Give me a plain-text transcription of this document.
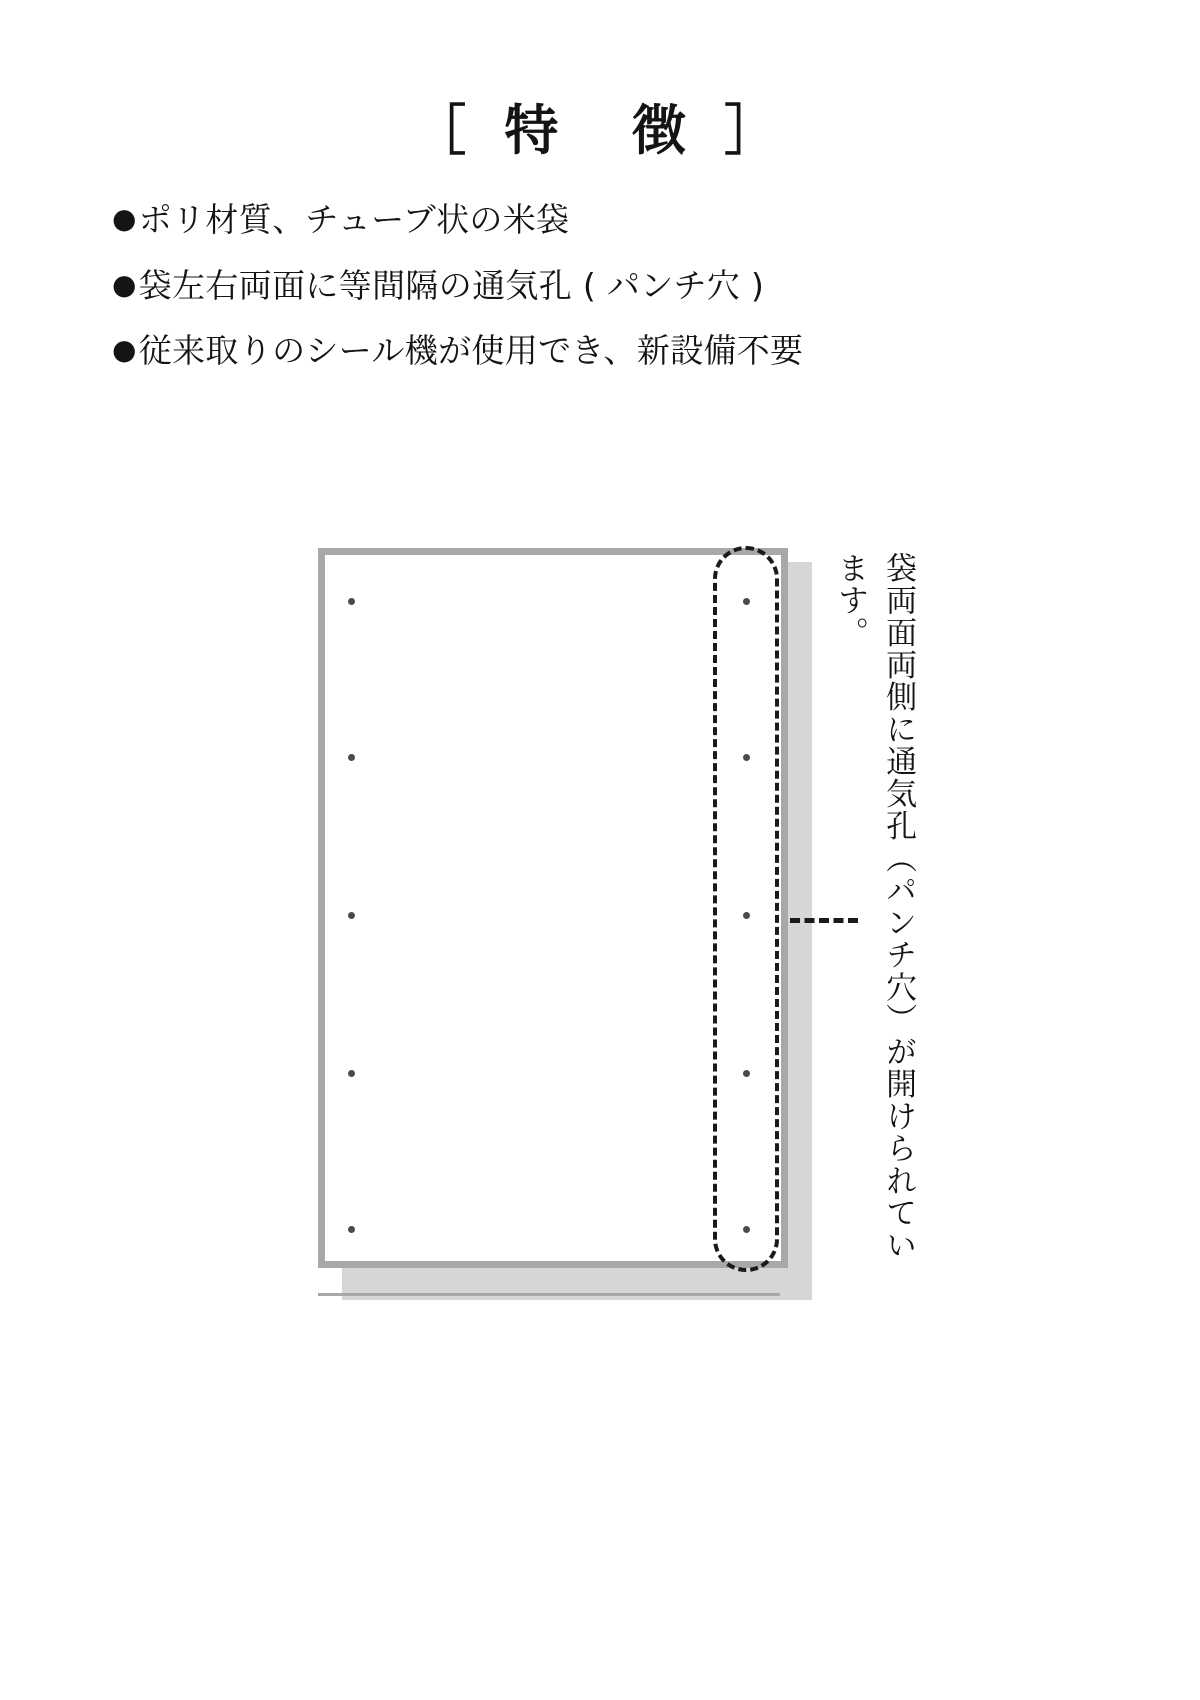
［ 特　徴 ］
● ポリ材質、チューブ状の米袋
● 袋左右両面に等間隔の通気孔 ( パンチ穴 )
● 従来取りのシール機が使用でき、新設備不要
袋両面両側に通気孔（パンチ穴）が開けられています。
